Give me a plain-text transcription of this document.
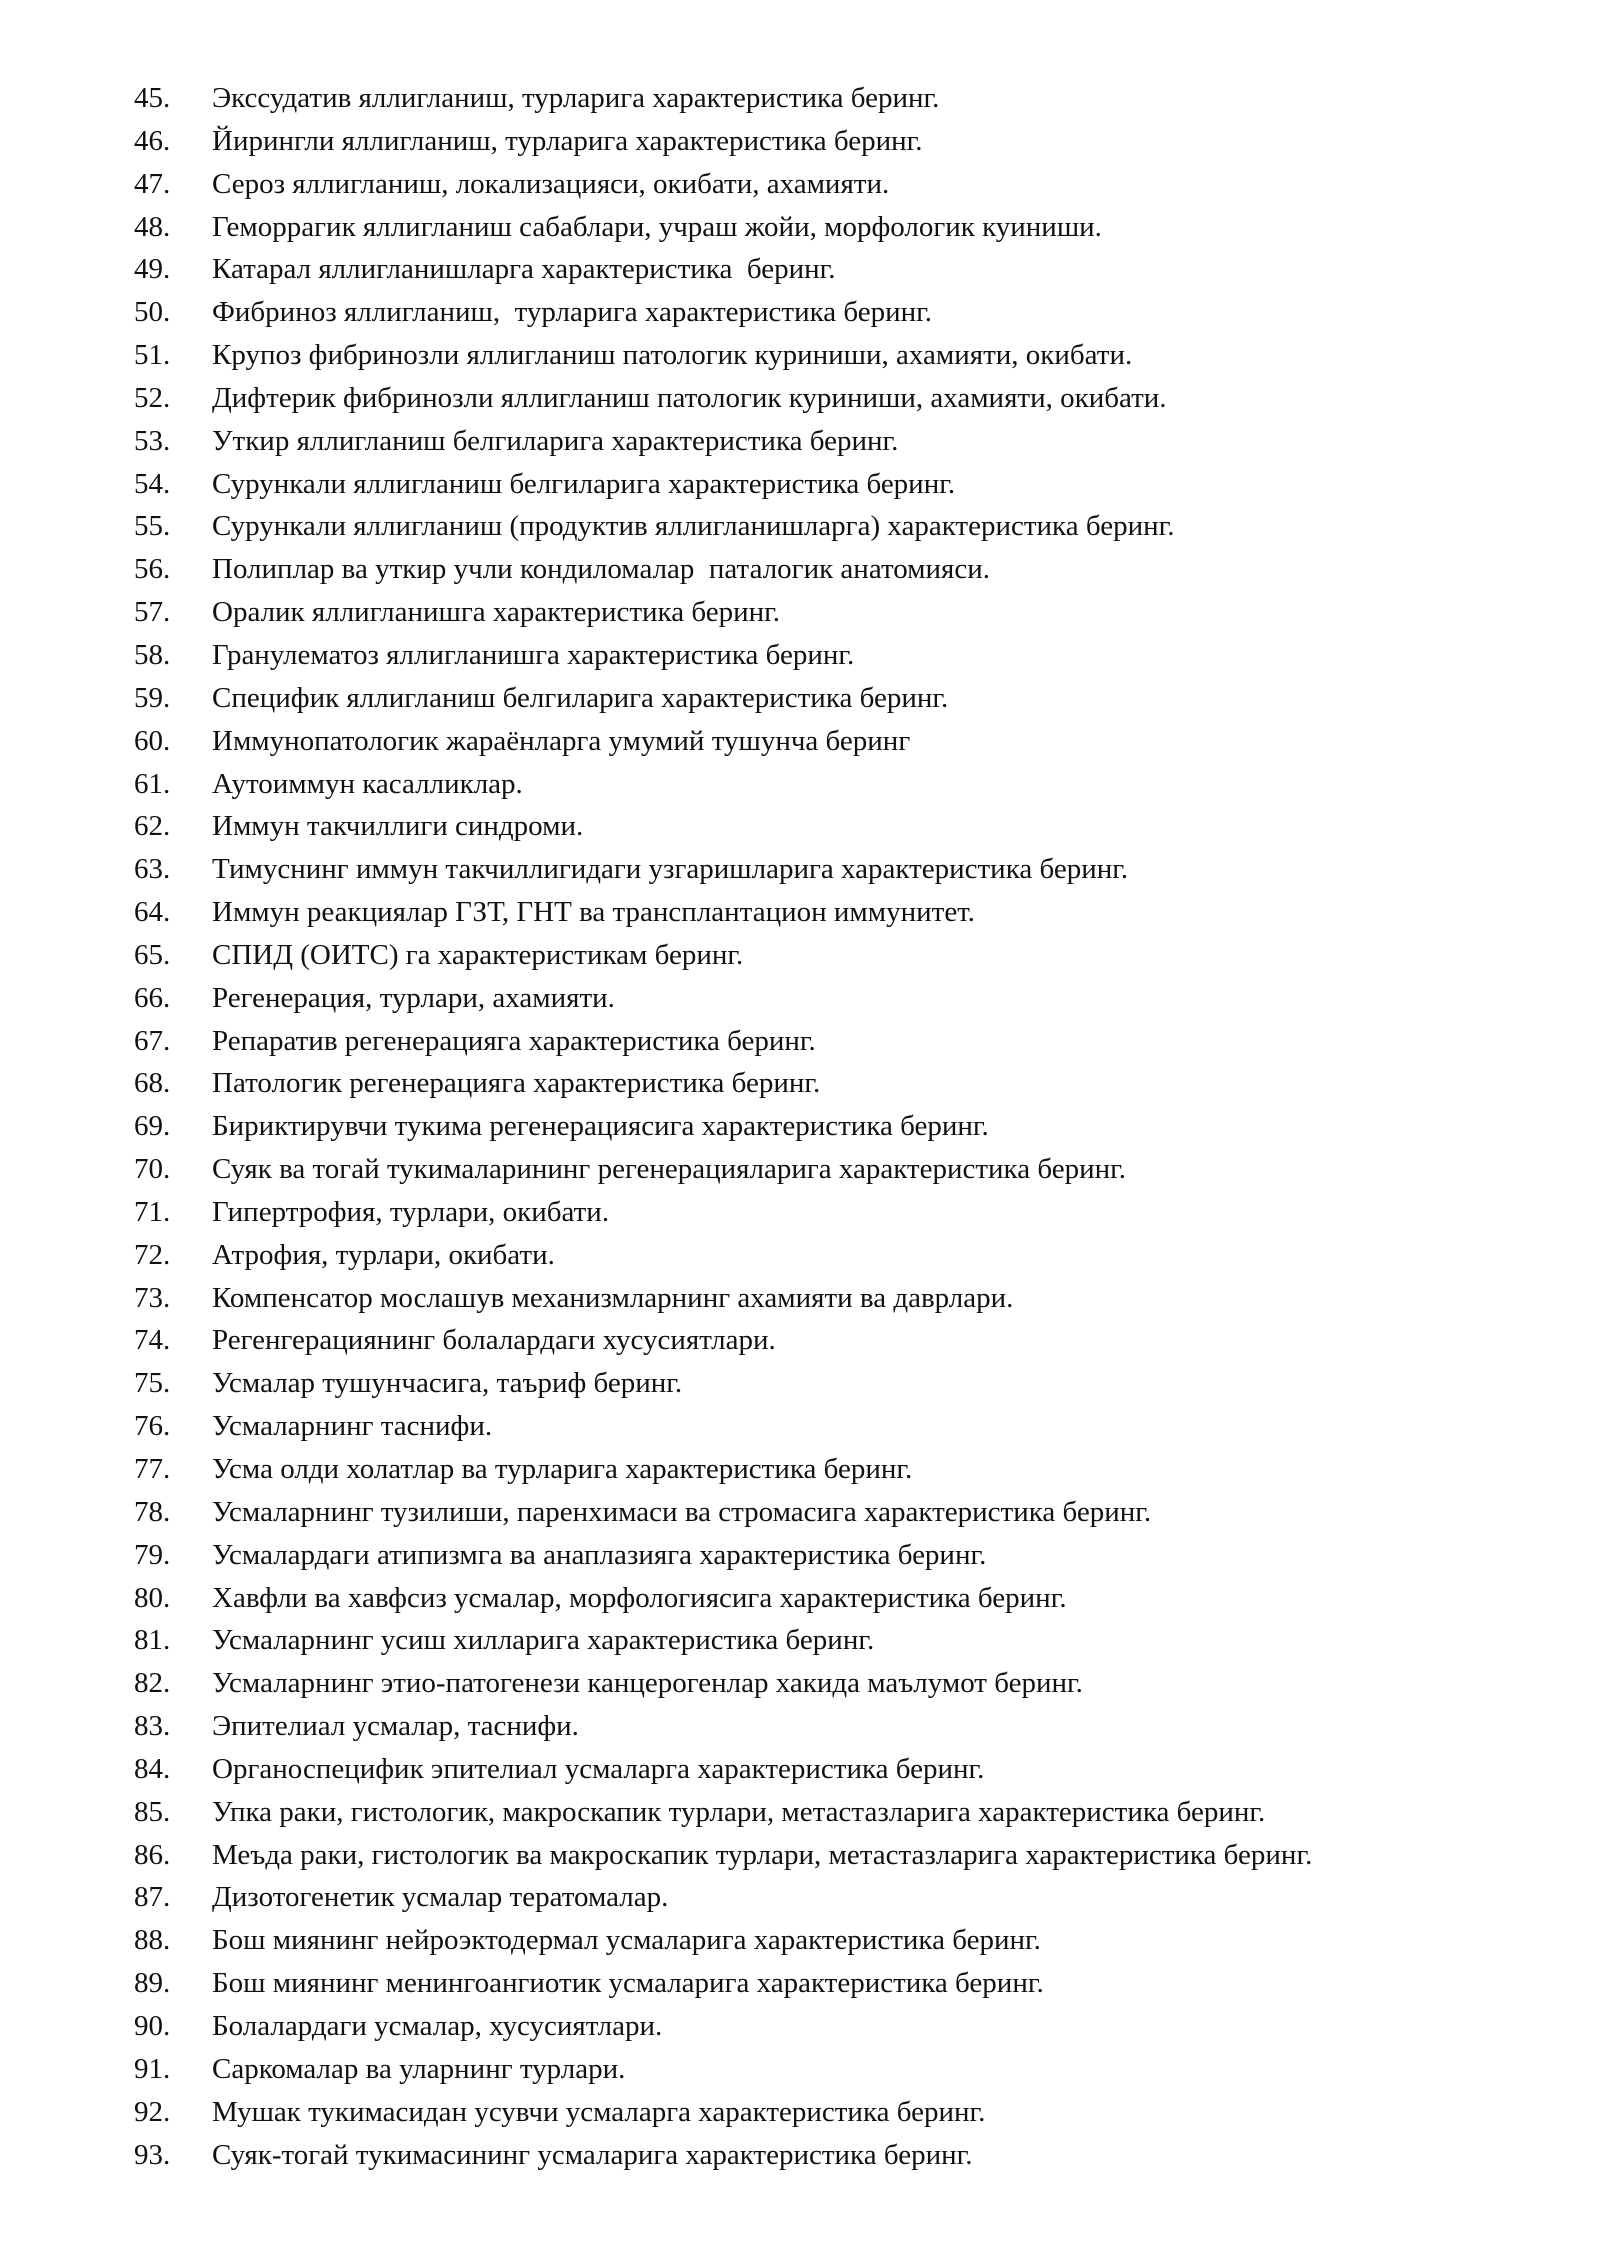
45. Экссудатив яллигланиш, турларига характеристика беринг.
46. Йирингли яллигланиш, турларига характеристика беринг.
47. Сероз яллигланиш, локализацияси, окибати, ахамияти.
48. Геморрагик яллигланиш сабаблари, учраш жойи, морфологик куиниши.
49. Катарал яллигланишларга характеристика  беринг.
50. Фибриноз яллигланиш,  турларига характеристика беринг.
51. Крупоз фибринозли яллигланиш патологик куриниши, ахамияти, окибати.
52. Дифтерик фибринозли яллигланиш патологик куриниши, ахамияти, окибати.
53. Уткир яллигланиш белгиларига характеристика беринг.
54. Сурункали яллигланиш белгиларига характеристика беринг.
55. Сурункали яллигланиш (продуктив яллигланишларга) характеристика беринг.
56. Полиплар ва уткир учли кондиломалар  паталогик анатомияси.
57. Оралик яллигланишга характеристика беринг.
58. Гранулематоз яллигланишга характеристика беринг.
59. Специфик яллигланиш белгиларига характеристика беринг.
60. Иммунопатологик жараёнларга умумий тушунча беринг
61. Аутоиммун касалликлар.
62. Иммун такчиллиги синдроми.
63. Тимуснинг иммун такчиллигидаги узгаришларига характеристика беринг.
64. Иммун реакциялар ГЗТ, ГНТ ва трансплантацион иммунитет.
65. СПИД (ОИТС) га характеристикам беринг.
66. Регенерация, турлари, ахамияти.
67. Репаратив регенерацияга характеристика беринг.
68. Патологик регенерацияга характеристика беринг.
69. Бириктирувчи тукима регенерациясига характеристика беринг.
70. Суяк ва тогай тукималарининг регенерацияларига характеристика беринг.
71. Гипертрофия, турлари, окибати.
72. Атрофия, турлари, окибати.
73. Компенсатор мослашув механизмларнинг ахамияти ва даврлари.
74. Регенгерациянинг болалардаги хусусиятлари.
75. Усмалар тушунчасига, таъриф беринг.
76. Усмаларнинг таснифи.
77. Усма олди холатлар ва турларига характеристика беринг.
78. Усмаларнинг тузилиши, паренхимаси ва стромасига характеристика беринг.
79. Усмалардаги атипизмга ва анаплазияга характеристика беринг.
80. Хавфли ва хавфсиз усмалар, морфологиясига характеристика беринг.
81. Усмаларнинг усиш хилларига характеристика беринг.
82. Усмаларнинг этио-патогенези канцерогенлар хакида маълумот беринг.
83. Эпителиал усмалар, таснифи.
84. Органоспецифик эпителиал усмаларга характеристика беринг.
85. Упка раки, гистологик, макроскапик турлари, метастазларига характеристика беринг.
86. Меъда раки, гистологик ва макроскапик турлари, метастазларига характеристика беринг.
87. Дизотогенетик усмалар тератомалар.
88. Бош миянинг нейроэктодермал усмаларига характеристика беринг.
89. Бош миянинг менингоангиотик усмаларига характеристика беринг.
90. Болалардаги усмалар, хусусиятлари.
91. Саркомалар ва уларнинг турлари.
92. Мушак тукимасидан усувчи усмаларга характеристика беринг.
93. Суяк-тогай тукимасининг усмаларига характеристика беринг.
